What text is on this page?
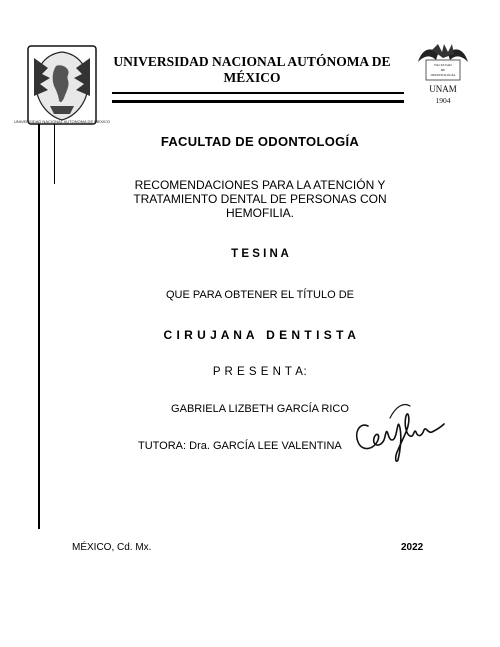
UNIVERSIDAD NACIONAL AUTONOMA DE MEXICO
UNIVERSIDAD NACIONAL AUTÓNOMA DE
MÉXICO
FACULTAD
DE
ODONTOLOGÍA
UNAM
1904
FACULTAD DE ODONTOLOGÍA
RECOMENDACIONES PARA LA ATENCIÓN Y
TRATAMIENTO DENTAL DE PERSONAS CON
HEMOFILIA.
T E S I N A
QUE PARA OBTENER EL TÍTULO DE
C I R U J A N A   D E N T I S T A
P R E S E N T A:
GABRIELA LIZBETH GARCÍA RICO
TUTORA: Dra. GARCÍA LEE VALENTINA
MÉXICO, Cd. Mx.	2022
